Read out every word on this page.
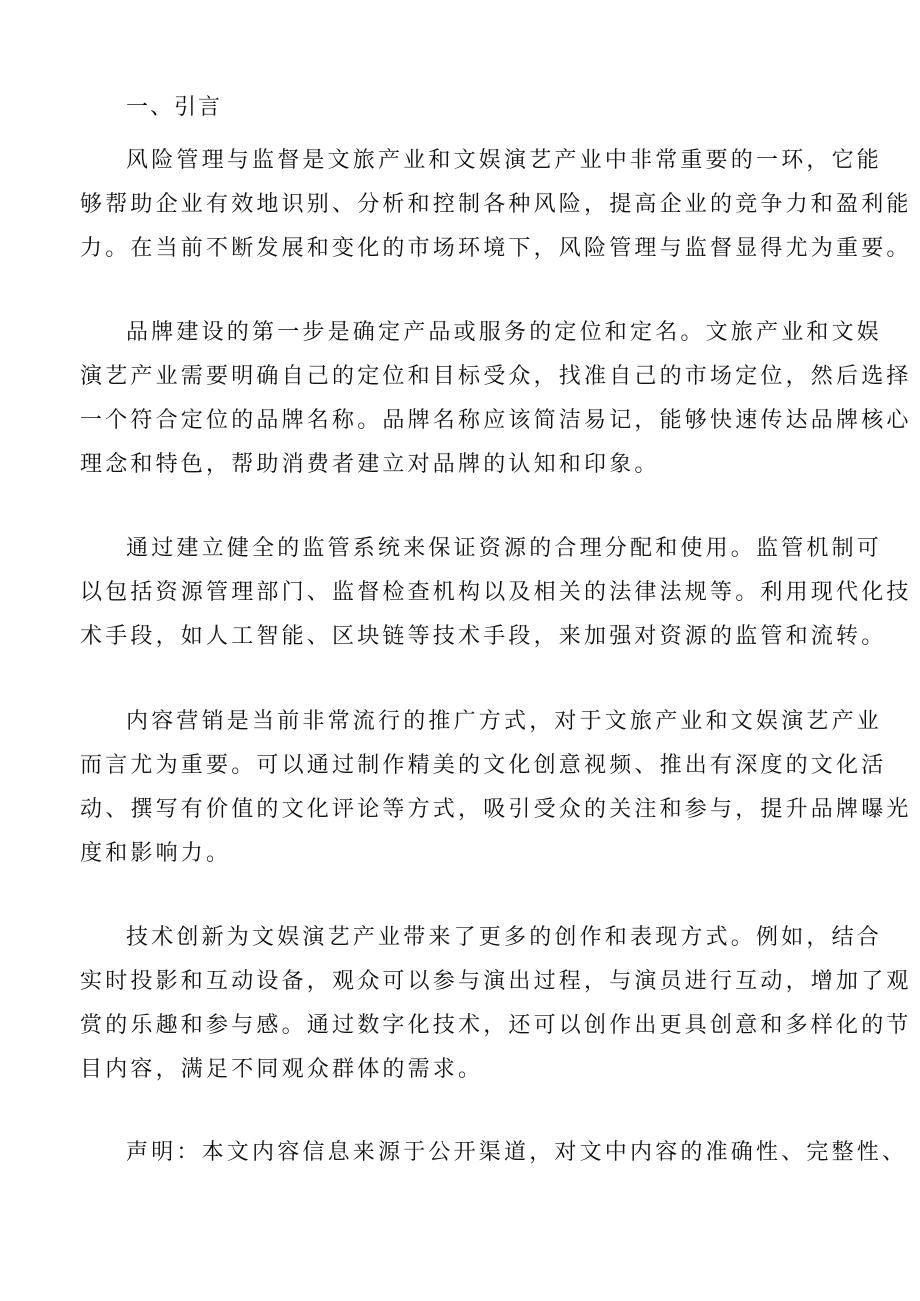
一、引言
风险管理与监督是文旅产业和文娱演艺产业中非常重要的一环，它能
够帮助企业有效地识别、分析和控制各种风险，提高企业的竞争力和盈利能
力。在当前不断发展和变化的市场环境下，风险管理与监督显得尤为重要。
品牌建设的第一步是确定产品或服务的定位和定名。文旅产业和文娱
演艺产业需要明确自己的定位和目标受众，找准自己的市场定位，然后选择
一个符合定位的品牌名称。品牌名称应该简洁易记，能够快速传达品牌核心
理念和特色，帮助消费者建立对品牌的认知和印象。
通过建立健全的监管系统来保证资源的合理分配和使用。监管机制可
以包括资源管理部门、监督检查机构以及相关的法律法规等。利用现代化技
术手段，如人工智能、区块链等技术手段，来加强对资源的监管和流转。
内容营销是当前非常流行的推广方式，对于文旅产业和文娱演艺产业
而言尤为重要。可以通过制作精美的文化创意视频、推出有深度的文化活
动、撰写有价值的文化评论等方式，吸引受众的关注和参与，提升品牌曝光
度和影响力。
技术创新为文娱演艺产业带来了更多的创作和表现方式。例如，结合
实时投影和互动设备，观众可以参与演出过程，与演员进行互动，增加了观
赏的乐趣和参与感。通过数字化技术，还可以创作出更具创意和多样化的节
目内容，满足不同观众群体的需求。
声明：本文内容信息来源于公开渠道，对文中内容的准确性、完整性、
